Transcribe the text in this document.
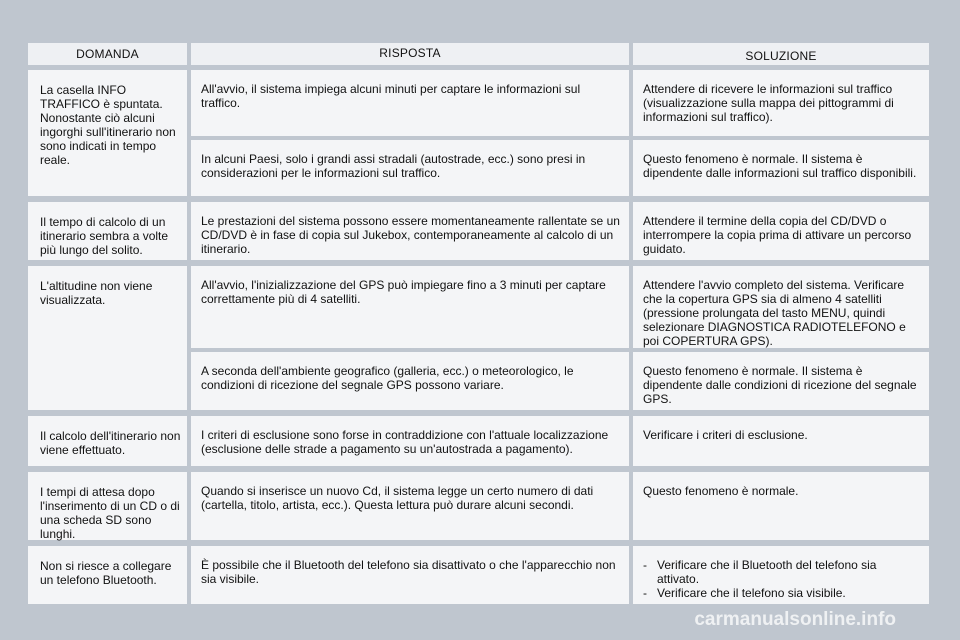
DOMANDA	RISPOSTA	SOLUZIONE
La casella INFO TRAFFICO è spuntata. Nonostante ciò alcuni ingorghi sull'itinerario non sono indicati in tempo reale.
All'avvio, il sistema impiega alcuni minuti per captare le informazioni sul traffico.
Attendere di ricevere le informazioni sul traffico (visualizzazione sulla mappa dei pittogrammi di informazioni sul traffico).
In alcuni Paesi, solo i grandi assi stradali (autostrade, ecc.) sono presi in considerazioni per le informazioni sul traffico.
Questo fenomeno è normale. Il sistema è dipendente dalle informazioni sul traffico disponibili.
Il tempo di calcolo di un itinerario sembra a volte più lungo del solito.
Le prestazioni del sistema possono essere momentaneamente rallentate se un CD/DVD è in fase di copia sul Jukebox, contemporaneamente al calcolo di un itinerario.
Attendere il termine della copia del CD/DVD o interrompere la copia prima di attivare un percorso guidato.
L'altitudine non viene visualizzata.
All'avvio, l'inizializzazione del GPS può impiegare fino a 3 minuti per captare correttamente più di 4 satelliti.
Attendere l'avvio completo del sistema. Verificare che la copertura GPS sia di almeno 4 satelliti (pressione prolungata del tasto MENU, quindi selezionare DIAGNOSTICA RADIOTELEFONO e poi COPERTURA GPS).
A seconda dell'ambiente geografico (galleria, ecc.) o meteorologico, le condizioni di ricezione del segnale GPS possono variare.
Questo fenomeno è normale. Il sistema è dipendente dalle condizioni di ricezione del segnale GPS.
Il calcolo dell'itinerario non viene effettuato.
I criteri di esclusione sono forse in contraddizione con l'attuale localizzazione (esclusione delle strade a pagamento su un'autostrada a pagamento).
Verificare i criteri di esclusione.
I tempi di attesa dopo l'inserimento di un CD o di una scheda SD sono lunghi.
Quando si inserisce un nuovo Cd, il sistema legge un certo numero di dati (cartella, titolo, artista, ecc.). Questa lettura può durare alcuni secondi.
Questo fenomeno è normale.
Non si riesce a collegare un telefono Bluetooth.
È possibile che il Bluetooth del telefono sia disattivato o che l'apparecchio non sia visibile.
- Verificare che il Bluetooth del telefono sia attivato.
- Verificare che il telefono sia visibile.
carmanualsonline.info
